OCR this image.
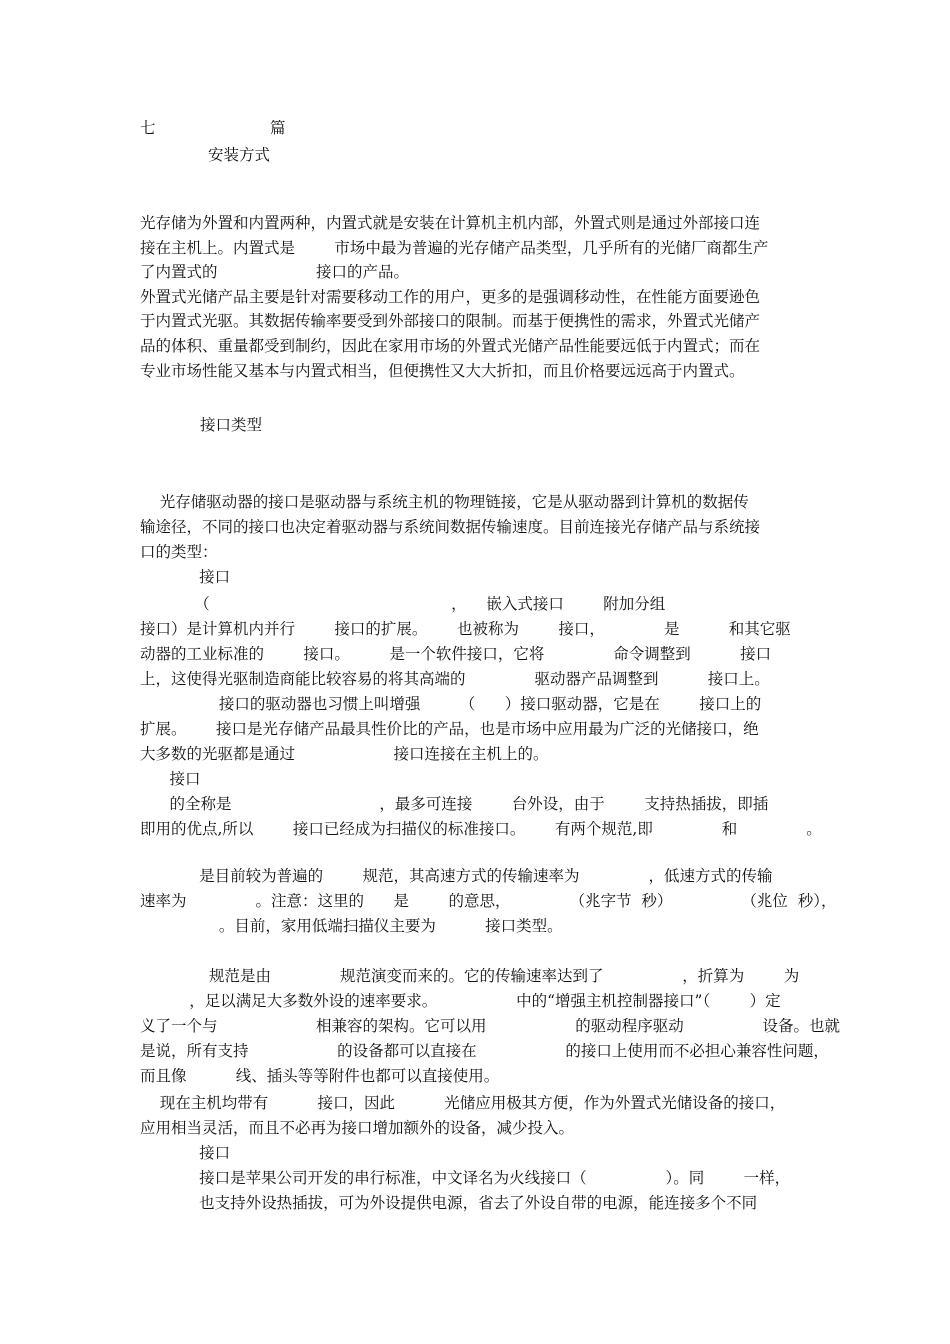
七	篇
安装方式
接口类型
光存储为外置和内置两种，内置式就是安装在计算机主机内部，外置式则是通过外部接口连
接在主机上。内置式是        市场中最为普遍的光存储产品类型，几乎所有的光储厂商都生产
了内置式的                    接口的产品。
外置式光储产品主要是针对需要移动工作的用户，更多的是强调移动性，在性能方面要逊色
于内置式光驱。其数据传输率要受到外部接口的限制。而基于便携性的需求，外置式光储产
品的体积、重量都受到制约，因此在家用市场的外置式光储产品性能要远低于内置式；而在
专业市场性能又基本与内置式相当，但便携性又大大折扣，而且价格要远远高于内置式。
光存储驱动器的接口是驱动器与系统主机的物理链接，它是从驱动器到计算机的数据传
输途径，不同的接口也决定着驱动器与系统间数据传输速度。目前连接光存储产品与系统接
口的类型：
接口
（                                                 ，    嵌入式接口        附加分组
接口）是计算机内并行        接口的扩展。      也被称为        接口，            是          和其它驱
动器的工业标准的        接口。        是一个软件接口，它将              命令调整到          接口
上，这使得光驱制造商能比较容易的将其高端的              驱动器产品调整到          接口上。
接口的驱动器也习惯上叫增强        （      ）接口驱动器，它是在        接口上的
扩展。      接口是光存储产品最具性价比的产品，也是市场中应用最为广泛的光储接口，绝
大多数的光驱都是通过                    接口连接在主机上的。
接口
的全称是                              ，最多可连接        台外设，由于        支持热插拔，即插
即用的优点,所以        接口已经成为扫描仪的标准接口。      有两个规范,即              和              。
是目前较为普遍的        规范，其高速方式的传输速率为              ，低速方式的传输
速率为              。注意：这里的      是        的意思，            （兆字节  秒）              （兆位  秒），
。目前，家用低端扫描仪主要为          接口类型。
规范是由              规范演变而来的。它的传输速率达到了                ，折算为        为
，足以满足大多数外设的速率要求。                中的“增强主机控制器接口”（        ）定
义了一个与                    相兼容的架构。它可以用                  的驱动程序驱动                设备。也就
是说，所有支持                  的设备都可以直接在                  的接口上使用而不必担心兼容性问题，
而且像          线、插头等等附件也都可以直接使用。
现在主机均带有          接口，因此          光储应用极其方便，作为外置式光储设备的接口，
应用相当灵活，而且不必再为接口增加额外的设备，减少投入。
接口
接口是苹果公司开发的串行标准，中文译名为火线接口（                ）。同        一样，
也支持外设热插拔，可为外设提供电源，省去了外设自带的电源，能连接多个不同
